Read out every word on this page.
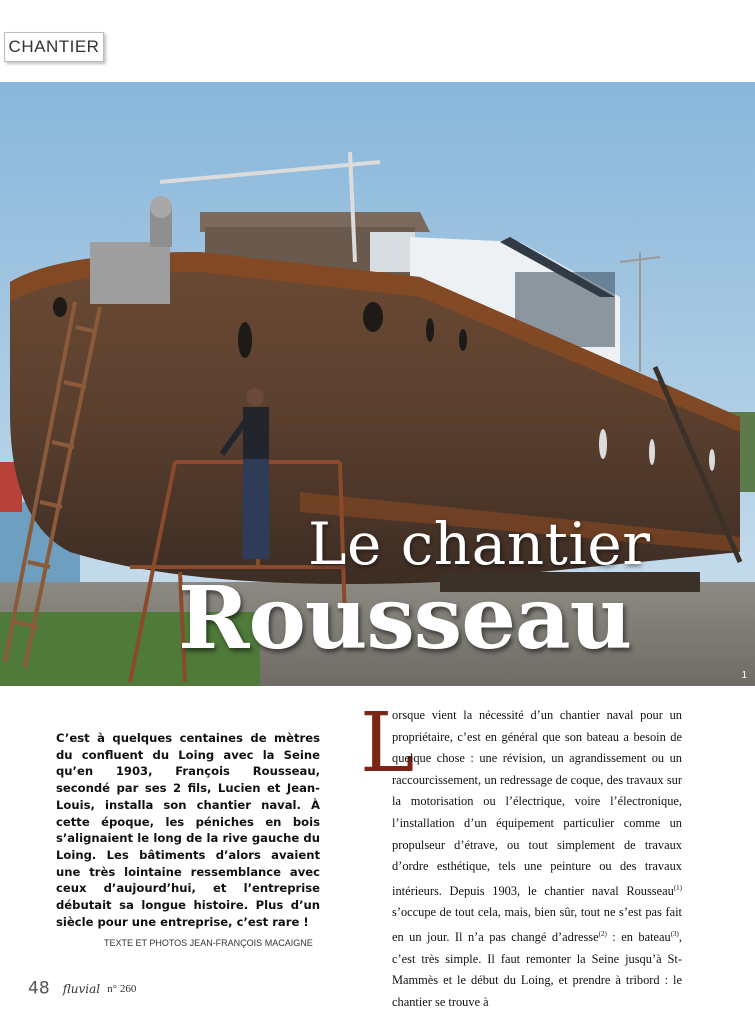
CHANTIER
Le chantier
Rousseau
1
C’est à quelques centaines de mètres du confluent du Loing avec la Seine qu’en 1903, François Rousseau, secondé par ses 2 fils, Lucien et Jean-Louis, installa son chantier naval. À cette époque, les péniches en bois s’alignaient le long de la rive gauche du Loing. Les bâtiments d’alors avaient une très lointaine ressemblance avec ceux d’aujourd’hui, et l’entreprise débutait sa longue histoire. Plus d’un siècle pour une entreprise, c’est rare !
TEXTE ET PHOTOS JEAN-FRANÇOIS MACAIGNE
L
orsque vient la nécessité d’un chantier naval pour un propriétaire, c’est en général que son bateau a besoin de quelque chose : une révision, un agrandissement ou un raccourcissement, un redressage de coque, des travaux sur la motorisation ou l’électrique, voire l’électronique, l’installation d’un équipement particulier comme un propulseur d’étrave, ou tout simplement de travaux d’ordre esthétique, tels une peinture ou des travaux intérieurs. Depuis 1903, le chantier naval Rousseau$^{(1)}$ s’occupe de tout cela, mais, bien sûr, tout ne s’est pas fait en un jour. Il n’a pas changé d’adresse$^{(2)}$ : en bateau$^{(3)}$, c’est très simple. Il faut remonter la Seine jusqu’à St-Mammès et le début du Loing, et prendre à tribord : le chantier se trouve à
48 fluvial n° 260
